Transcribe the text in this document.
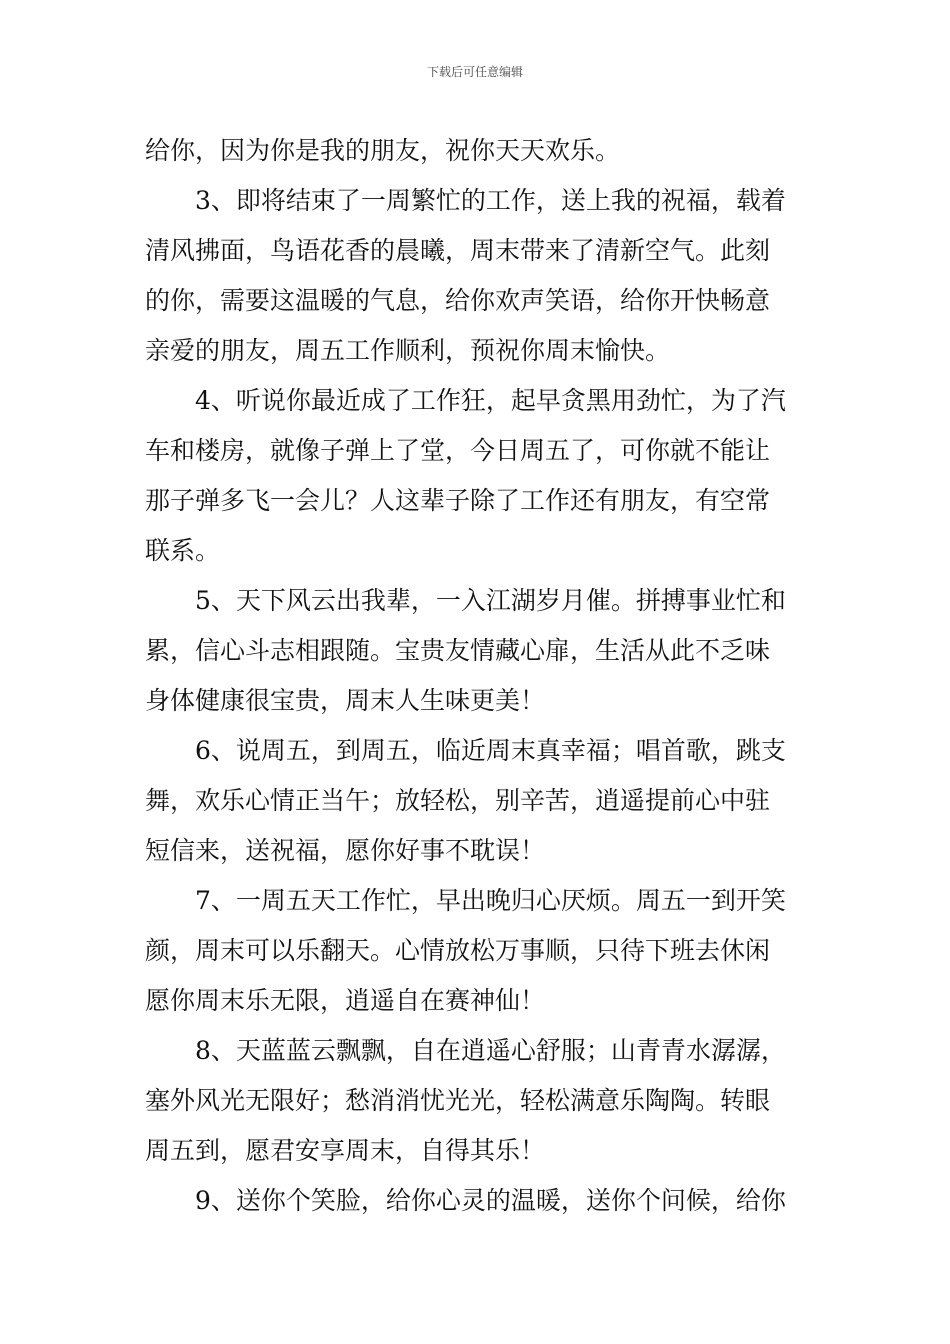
下载后可任意编辑
给你，因为你是我的朋友，祝你天天欢乐。
3、即将结束了一周繁忙的工作，送上我的祝福，载着
清风拂面，鸟语花香的晨曦，周末带来了清新空气。此刻
的你，需要这温暖的气息，给你欢声笑语，给你开快畅意
亲爱的朋友，周五工作顺利，预祝你周末愉快。
4、听说你最近成了工作狂，起早贪黑用劲忙，为了汽
车和楼房，就像子弹上了堂，今日周五了，可你就不能让
那子弹多飞一会儿？人这辈子除了工作还有朋友，有空常
联系。
5、天下风云出我辈，一入江湖岁月催。拼搏事业忙和
累，信心斗志相跟随。宝贵友情藏心扉，生活从此不乏味
身体健康很宝贵，周末人生味更美！
6、说周五，到周五，临近周末真幸福；唱首歌，跳支
舞，欢乐心情正当午；放轻松，别辛苦，逍遥提前心中驻
短信来，送祝福，愿你好事不耽误！
7、一周五天工作忙，早出晚归心厌烦。周五一到开笑
颜，周末可以乐翻天。心情放松万事顺，只待下班去休闲
愿你周末乐无限，逍遥自在赛神仙！
8、天蓝蓝云飘飘，自在逍遥心舒服；山青青水潺潺，
塞外风光无限好；愁消消忧光光，轻松满意乐陶陶。转眼
周五到，愿君安享周末，自得其乐！
9、送你个笑脸，给你心灵的温暖，送你个问候，给你
